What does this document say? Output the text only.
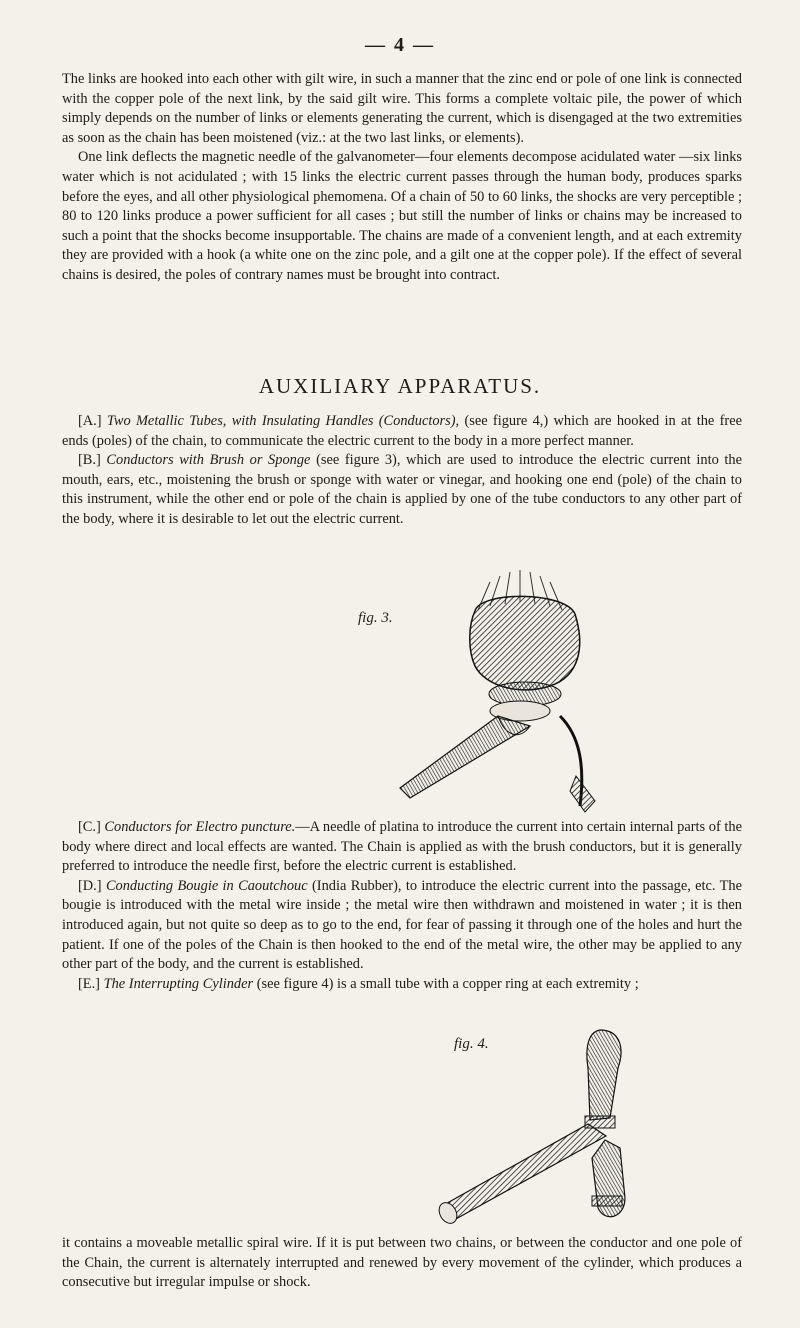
— 4 —

The links are hooked into each other with gilt wire, in such a manner that the zinc end or pole of one link is connected with the copper pole of the next link, by the said gilt wire. This forms a complete voltaic pile, the power of which simply depends on the number of links or elements generating the current, which is disengaged at the two extremities as soon as the chain has been moistened (viz.: at the two last links, or elements).

One link deflects the magnetic needle of the galvanometer—four elements decompose acidulated water —six links water which is not acidulated ; with 15 links the electric current passes through the human body, produces sparks before the eyes, and all other physiological phemomena. Of a chain of 50 to 60 links, the shocks are very perceptible ; 80 to 120 links produce a power sufficient for all cases ; but still the number of links or chains may be increased to such a point that the shocks become insupportable. The chains are made of a convenient length, and at each extremity they are provided with a hook (a white one on the zinc pole, and a gilt one at the copper pole). If the effect of several chains is desired, the poles of contrary names must be brought into contract.

AUXILIARY APPARATUS.

[A.] Two Metallic Tubes, with Insulating Handles (Conductors), (see figure 4,) which are hooked in at the free ends (poles) of the chain, to communicate the electric current to the body in a more perfect manner.

[B.] Conductors with Brush or Sponge (see figure 3), which are used to introduce the electric current into the mouth, ears, etc., moistening the brush or sponge with water or vinegar, and hooking one end (pole) of the chain to this instrument, while the other end or pole of the chain is applied by one of the tube conductors to any other part of the body, where it is desirable to let out the electric current.

fig. 3.

[C.] Conductors for Electro puncture.—A needle of platina to introduce the current into certain internal parts of the body where direct and local effects are wanted. The Chain is applied as with the brush conductors, but it is generally preferred to introduce the needle first, before the electric current is established.

[D.] Conducting Bougie in Caoutchouc (India Rubber), to introduce the electric current into the passage, etc. The bougie is introduced with the metal wire inside ; the metal wire then withdrawn and moistened in water ; it is then introduced again, but not quite so deep as to go to the end, for fear of passing it through one of the holes and hurt the patient. If one of the poles of the Chain is then hooked to the end of the metal wire, the other may be applied to any other part of the body, and the current is established.

[E.] The Interrupting Cylinder (see figure 4) is a small tube with a copper ring at each extremity ;

fig. 4.

it contains a moveable metallic spiral wire. If it is put between two chains, or between the conductor and one pole of the Chain, the current is alternately interrupted and renewed by every movement of the cylinder, which produces a consecutive but irregular impulse or shock.
